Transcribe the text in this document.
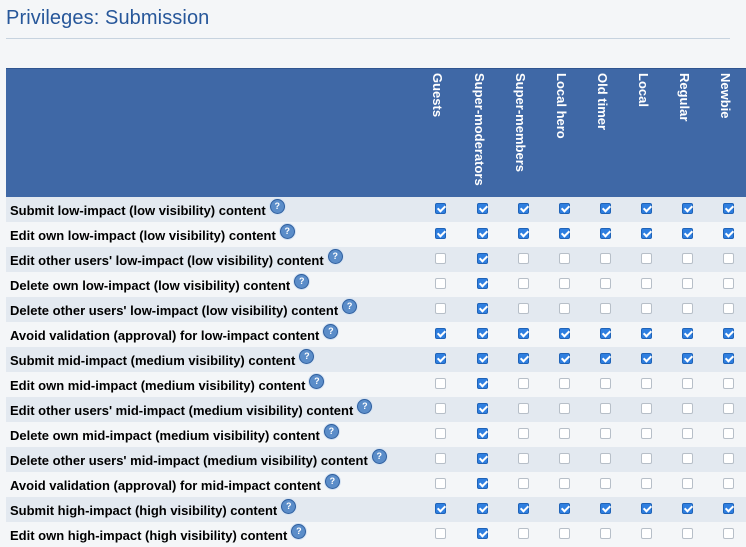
Privileges: Submission
Guests Super-moderators Super-members Local hero Old timer Local Regular Newbie
Submit low-impact (low visibility) content ?
Edit own low-impact (low visibility) content ?
Edit other users' low-impact (low visibility) content ?
Delete own low-impact (low visibility) content ?
Delete other users' low-impact (low visibility) content ?
Avoid validation (approval) for low-impact content ?
Submit mid-impact (medium visibility) content ?
Edit own mid-impact (medium visibility) content ?
Edit other users' mid-impact (medium visibility) content ?
Delete own mid-impact (medium visibility) content ?
Delete other users' mid-impact (medium visibility) content ?
Avoid validation (approval) for mid-impact content ?
Submit high-impact (high visibility) content ?
Edit own high-impact (high visibility) content ?
